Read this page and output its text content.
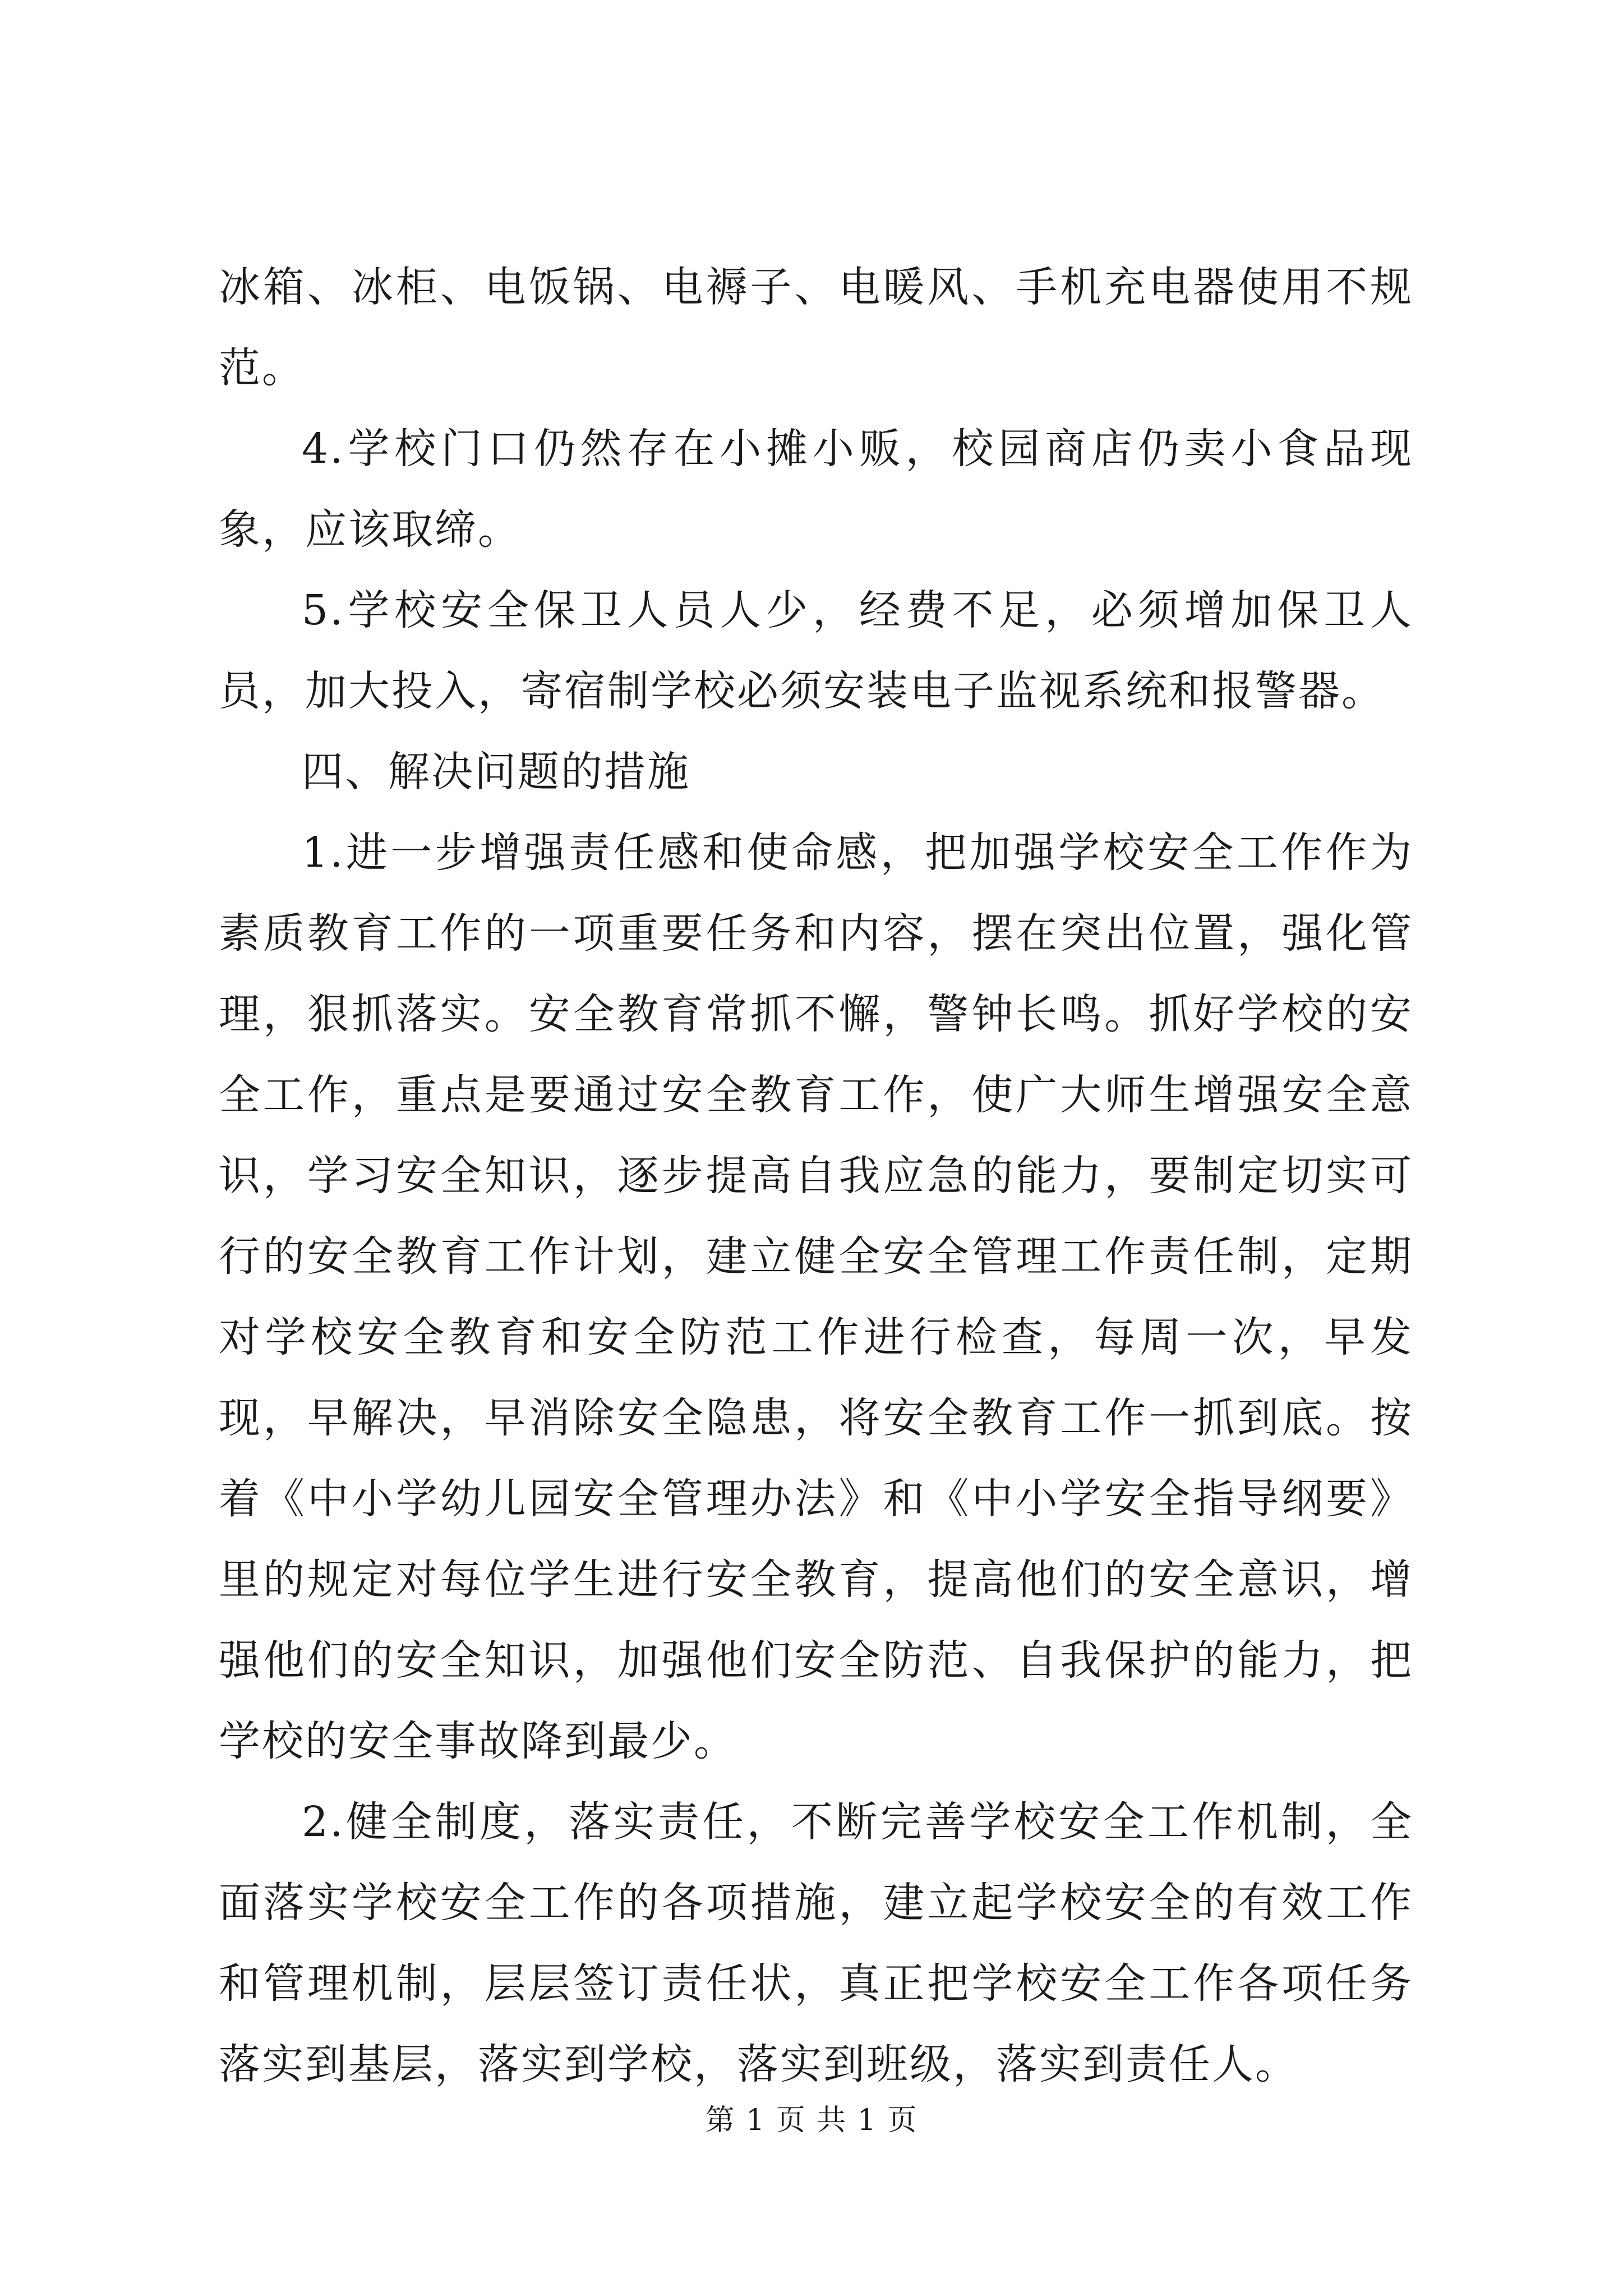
冰箱、冰柜、电饭锅、电褥子、电暖风、手机充电器使用不规范。

4.学校门口仍然存在小摊小贩，校园商店仍卖小食品现象，应该取缔。

5.学校安全保卫人员人少，经费不足，必须增加保卫人员，加大投入，寄宿制学校必须安装电子监视系统和报警器。

四、解决问题的措施

1.进一步增强责任感和使命感，把加强学校安全工作作为素质教育工作的一项重要任务和内容，摆在突出位置，强化管理，狠抓落实。安全教育常抓不懈，警钟长鸣。抓好学校的安全工作，重点是要通过安全教育工作，使广大师生增强安全意识，学习安全知识，逐步提高自我应急的能力，要制定切实可行的安全教育工作计划，建立健全安全管理工作责任制，定期对学校安全教育和安全防范工作进行检查，每周一次，早发现，早解决，早消除安全隐患，将安全教育工作一抓到底。按着《中小学幼儿园安全管理办法》和《中小学安全指导纲要》里的规定对每位学生进行安全教育，提高他们的安全意识，增强他们的安全知识，加强他们安全防范、自我保护的能力，把学校的安全事故降到最少。

2.健全制度，落实责任，不断完善学校安全工作机制，全面落实学校安全工作的各项措施，建立起学校安全的有效工作和管理机制，层层签订责任状，真正把学校安全工作各项任务落实到基层，落实到学校，落实到班级，落实到责任人。

第 1 页 共 1 页
